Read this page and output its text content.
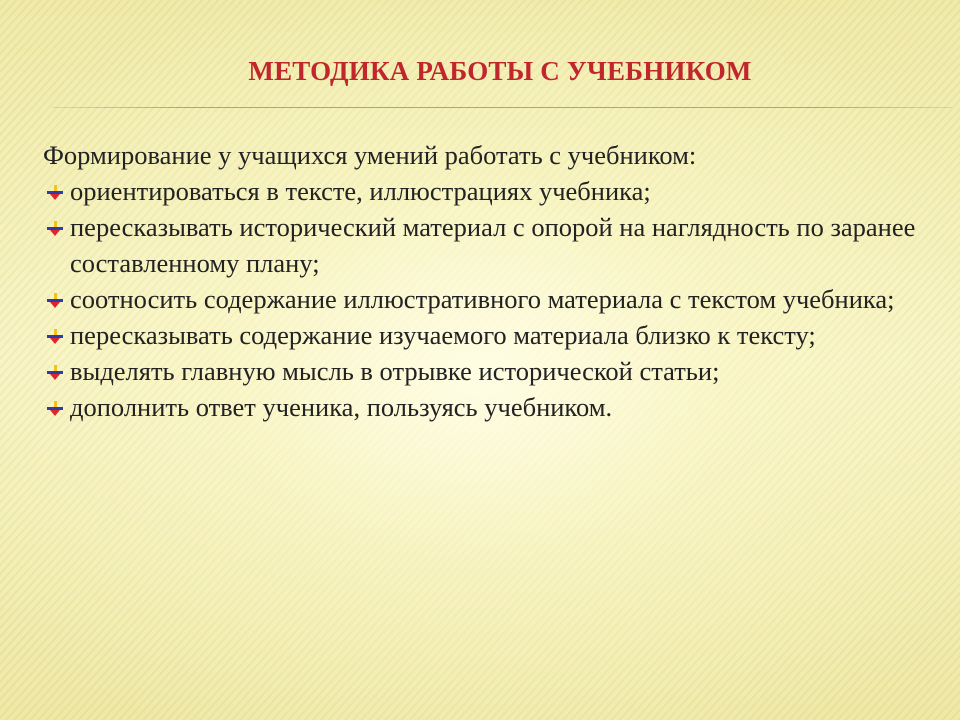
МЕТОДИКА РАБОТЫ С УЧЕБНИКОМ

Формирование у учащихся умений работать с учебником:

ориентироваться в тексте, иллюстрациях учебника;
пересказывать исторический материал с опорой на наглядность по заранее составленному плану;
соотносить содержание иллюстративного материала с текстом учебника;
пересказывать содержание изучаемого материала близко к тексту;
выделять главную мысль в отрывке исторической статьи;
дополнить ответ ученика, пользуясь учебником.
